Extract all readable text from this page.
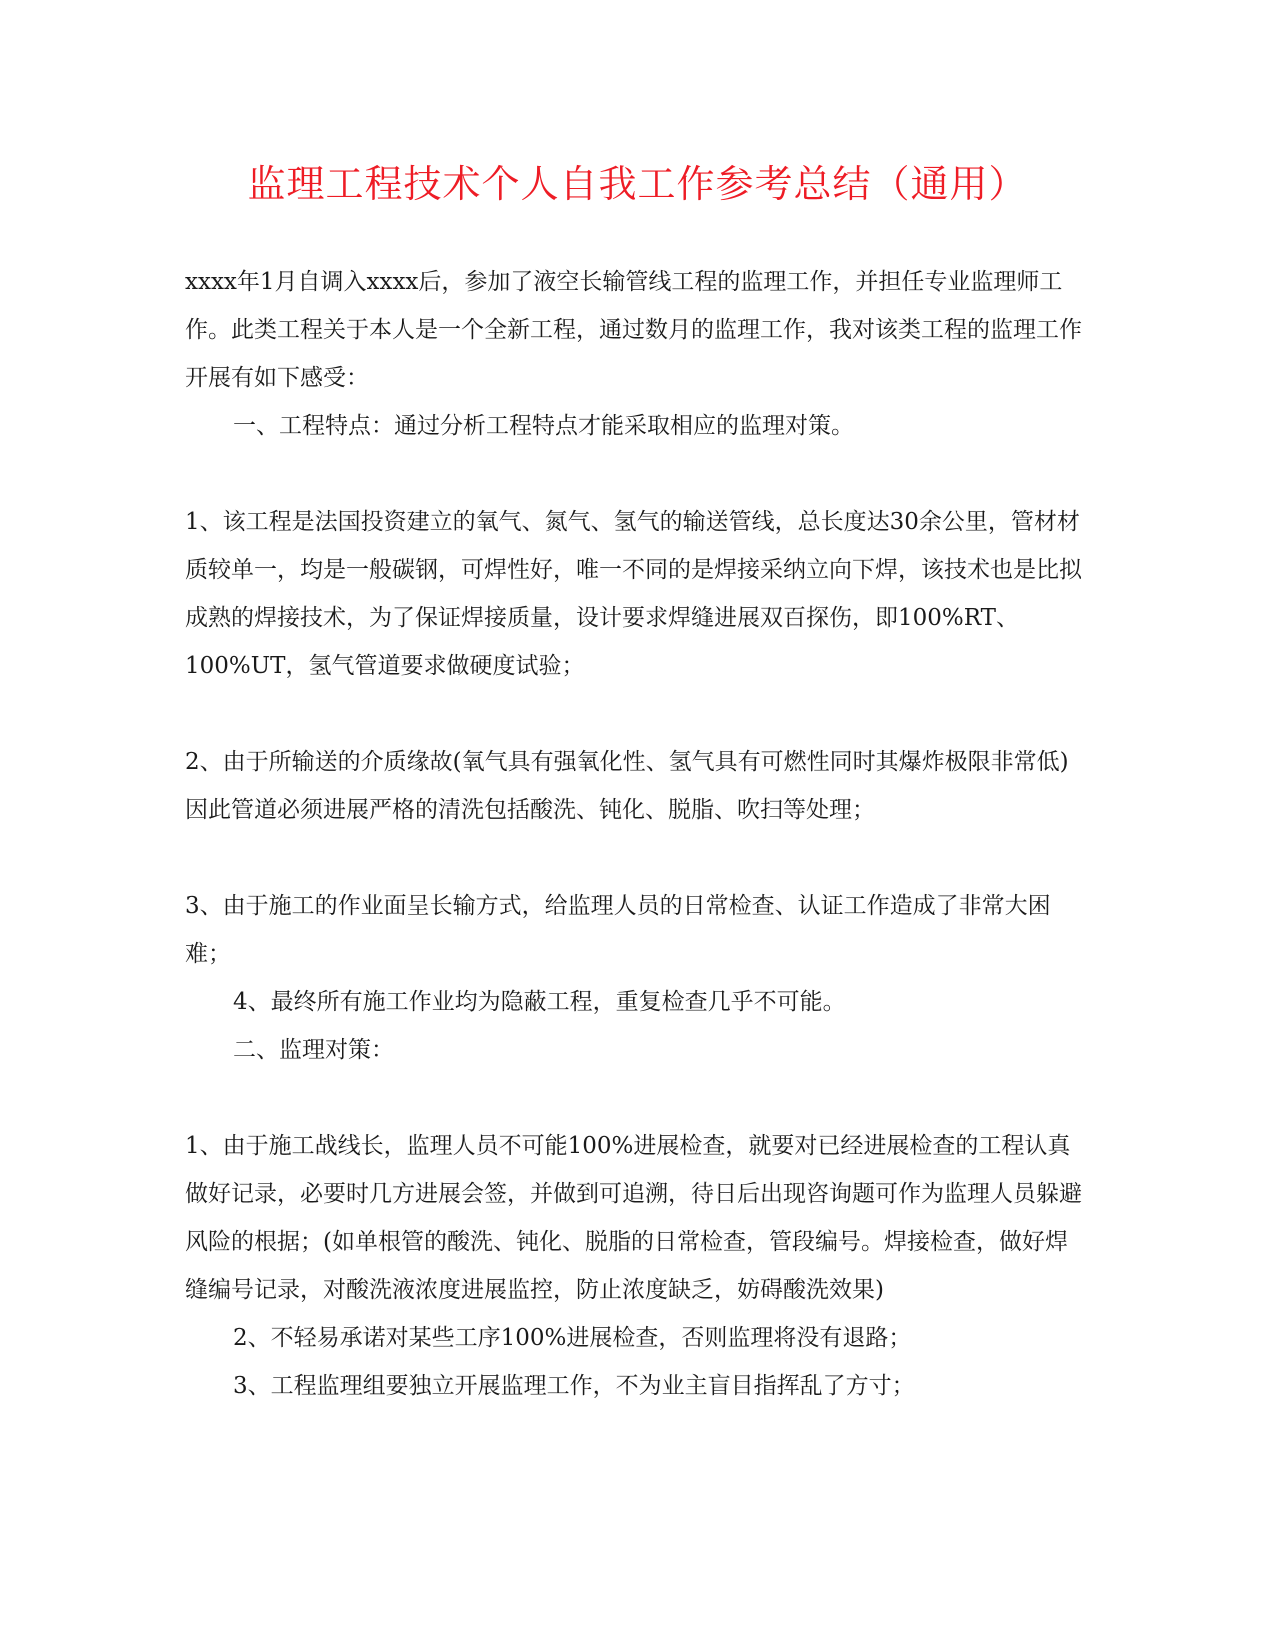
监理工程技术个人自我工作参考总结（通用）

xxxx年1月自调入xxxx后，参加了液空长输管线工程的监理工作，并担任专业监理师工作。此类工程关于本人是一个全新工程，通过数月的监理工作，我对该类工程的监理工作开展有如下感受：

一、工程特点：通过分析工程特点才能采取相应的监理对策。

1、该工程是法国投资建立的氧气、氮气、氢气的输送管线，总长度达30余公里，管材材质较单一，均是一般碳钢，可焊性好，唯一不同的是焊接采纳立向下焊，该技术也是比拟成熟的焊接技术，为了保证焊接质量，设计要求焊缝进展双百探伤，即100%RT、100%UT，氢气管道要求做硬度试验；

2、由于所输送的介质缘故(氧气具有强氧化性、氢气具有可燃性同时其爆炸极限非常低)因此管道必须进展严格的清洗包括酸洗、钝化、脱脂、吹扫等处理；

3、由于施工的作业面呈长输方式，给监理人员的日常检查、认证工作造成了非常大困难；

4、最终所有施工作业均为隐蔽工程，重复检查几乎不可能。

二、监理对策：

1、由于施工战线长，监理人员不可能100%进展检查，就要对已经进展检查的工程认真做好记录，必要时几方进展会签，并做到可追溯，待日后出现咨询题可作为监理人员躲避风险的根据；(如单根管的酸洗、钝化、脱脂的日常检查，管段编号。焊接检查，做好焊缝编号记录，对酸洗液浓度进展监控，防止浓度缺乏，妨碍酸洗效果)

2、不轻易承诺对某些工序100%进展检查，否则监理将没有退路；

3、工程监理组要独立开展监理工作，不为业主盲目指挥乱了方寸；
